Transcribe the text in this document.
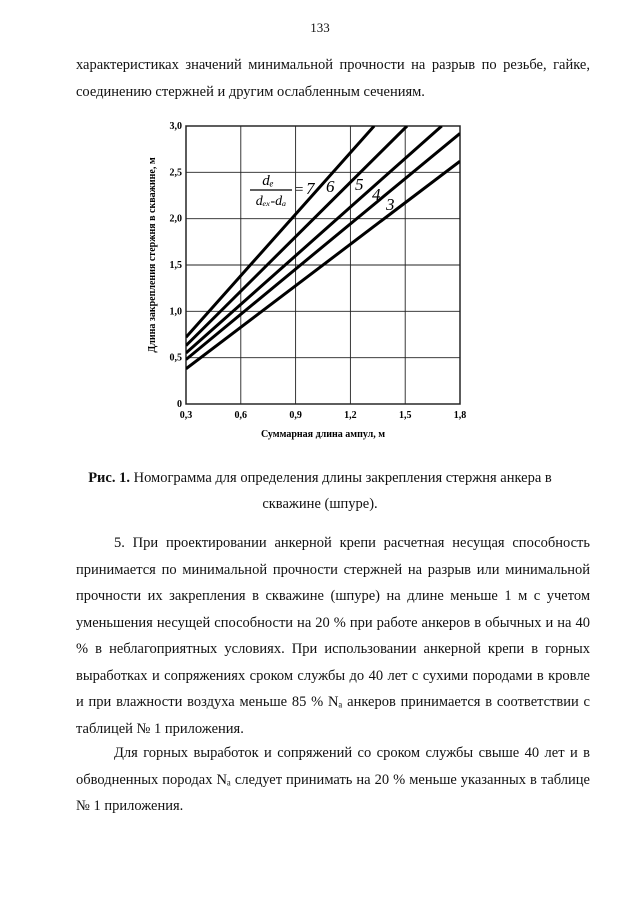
133

характеристиках значений минимальной прочности на разрыв по резьбе, гайке, соединению стержней и другим ослабленным сечениям.

0,3	0,6	0,9	1,2	1,5	1,8
0
0,5
1,0
1,5
2,0
2,5
3,0
Суммарная длина ампул, м
Длина закрепления стержня в скважине, м	dₑ
dₑₓ-dₐ
= 7 6 5
4
3
Рис. 1. Номограмма для определения длины закрепления стержня анкера в скважине (шпуре).

5. При проектировании анкерной крепи расчетная несущая способность принимается по минимальной прочности стержней на разрыв или минимальной прочности их закрепления в скважине (шпуре) на длине меньше 1 м с учетом уменьшения несущей способности на 20 % при работе анкеров в обычных и на 40 % в неблагоприятных условиях. При использовании анкерной крепи в горных выработках и сопряжениях сроком службы до 40 лет с сухими породами в кровле и при влажности воздуха меньше 85 % Nₐ анкеров принимается в соответствии с таблицей № 1 приложения.

Для горных выработок и сопряжений со сроком службы свыше 40 лет и в обводненных породах Nₐ следует принимать на 20 % меньше указанных в таблице № 1 приложения.
